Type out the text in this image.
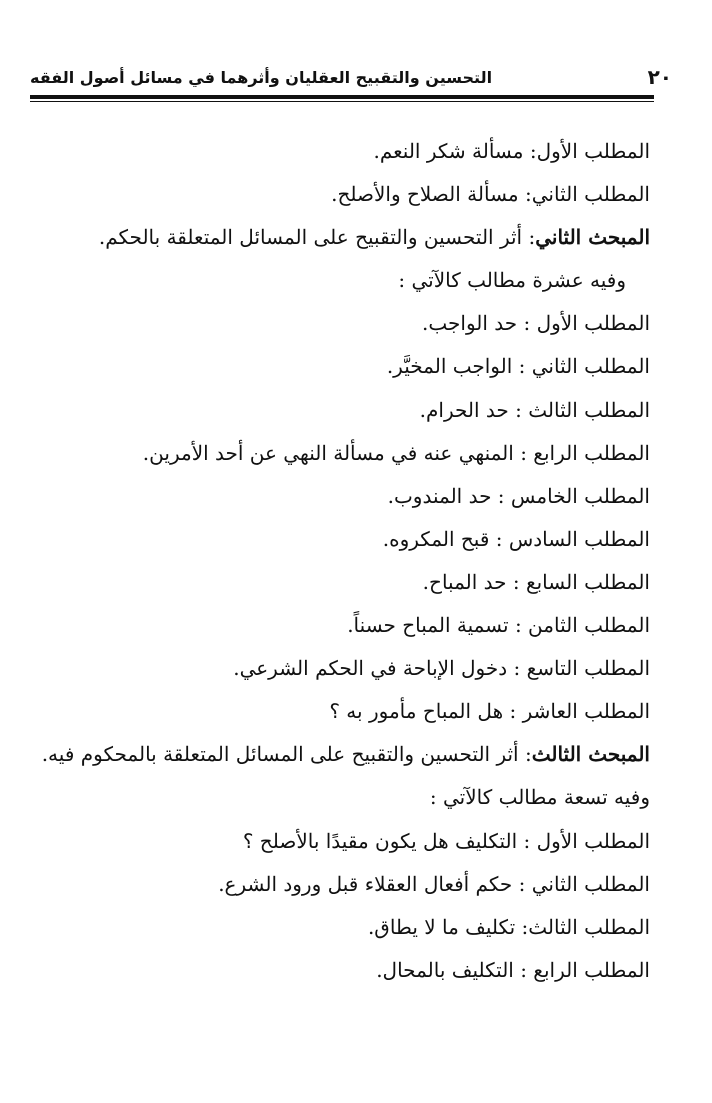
٢٠
التحسين والتقبيح العقليان وأثرهما في مسائل أصول الفقه
المطلب الأول: مسألة شكر النعم.
المطلب الثاني: مسألة الصلاح والأصلح.
المبحث الثاني: أثر التحسين والتقبيح على المسائل المتعلقة بالحكم.
وفيه عشرة مطالب كالآتي :
المطلب الأول : حد الواجب.
المطلب الثاني : الواجب المخيَّر.
المطلب الثالث : حد الحرام.
المطلب الرابع : المنهي عنه في مسألة النهي عن أحد الأمرين.
المطلب الخامس : حد المندوب.
المطلب السادس : قبح المكروه.
المطلب السابع : حد المباح.
المطلب الثامن : تسمية المباح حسناً.
المطلب التاسع : دخول الإباحة في الحكم الشرعي.
المطلب العاشر : هل المباح مأمور به ؟
المبحث الثالث: أثر التحسين والتقبيح على المسائل المتعلقة بالمحكوم فيه.
وفيه تسعة مطالب كالآتي :
المطلب الأول : التكليف هل يكون مقيدًا بالأصلح ؟
المطلب الثاني : حكم أفعال العقلاء قبل ورود الشرع.
المطلب الثالث: تكليف ما لا يطاق.
المطلب الرابع : التكليف بالمحال.
